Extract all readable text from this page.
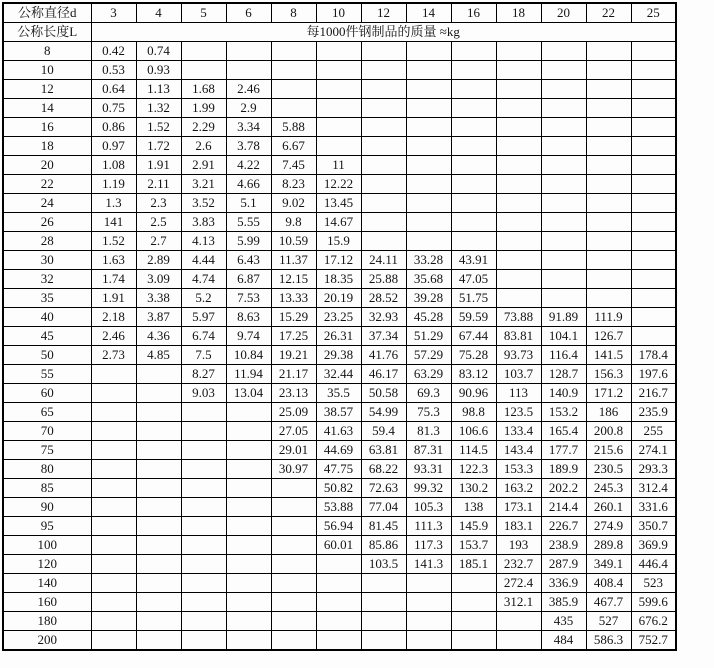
公称直径d	3	4	5	6	8	10	12	14	16	18	20	22	25
公称长度L	每1000件钢制品的质量 ≈kg												
8	0.42	0.74											
10	0.53	0.93											
12	0.64	1.13	1.68	2.46									
14	0.75	1.32	1.99	2.9									
16	0.86	1.52	2.29	3.34	5.88								
18	0.97	1.72	2.6	3.78	6.67								
20	1.08	1.91	2.91	4.22	7.45	11							
22	1.19	2.11	3.21	4.66	8.23	12.22							
24	1.3	2.3	3.52	5.1	9.02	13.45							
26	141	2.5	3.83	5.55	9.8	14.67							
28	1.52	2.7	4.13	5.99	10.59	15.9							
30	1.63	2.89	4.44	6.43	11.37	17.12	24.11	33.28	43.91				
32	1.74	3.09	4.74	6.87	12.15	18.35	25.88	35.68	47.05				
35	1.91	3.38	5.2	7.53	13.33	20.19	28.52	39.28	51.75				
40	2.18	3.87	5.97	8.63	15.29	23.25	32.93	45.28	59.59	73.88	91.89	111.9	
45	2.46	4.36	6.74	9.74	17.25	26.31	37.34	51.29	67.44	83.81	104.1	126.7	
50	2.73	4.85	7.5	10.84	19.21	29.38	41.76	57.29	75.28	93.73	116.4	141.5	178.4
55			8.27	11.94	21.17	32.44	46.17	63.29	83.12	103.7	128.7	156.3	197.6
60			9.03	13.04	23.13	35.5	50.58	69.3	90.96	113	140.9	171.2	216.7
65					25.09	38.57	54.99	75.3	98.8	123.5	153.2	186	235.9
70					27.05	41.63	59.4	81.3	106.6	133.4	165.4	200.8	255
75					29.01	44.69	63.81	87.31	114.5	143.4	177.7	215.6	274.1
80					30.97	47.75	68.22	93.31	122.3	153.3	189.9	230.5	293.3
85						50.82	72.63	99.32	130.2	163.2	202.2	245.3	312.4
90						53.88	77.04	105.3	138	173.1	214.4	260.1	331.6
95						56.94	81.45	111.3	145.9	183.1	226.7	274.9	350.7
100						60.01	85.86	117.3	153.7	193	238.9	289.8	369.9
120							103.5	141.3	185.1	232.7	287.9	349.1	446.4
140										272.4	336.9	408.4	523
160										312.1	385.9	467.7	599.6
180											435	527	676.2
200											484	586.3	752.7
